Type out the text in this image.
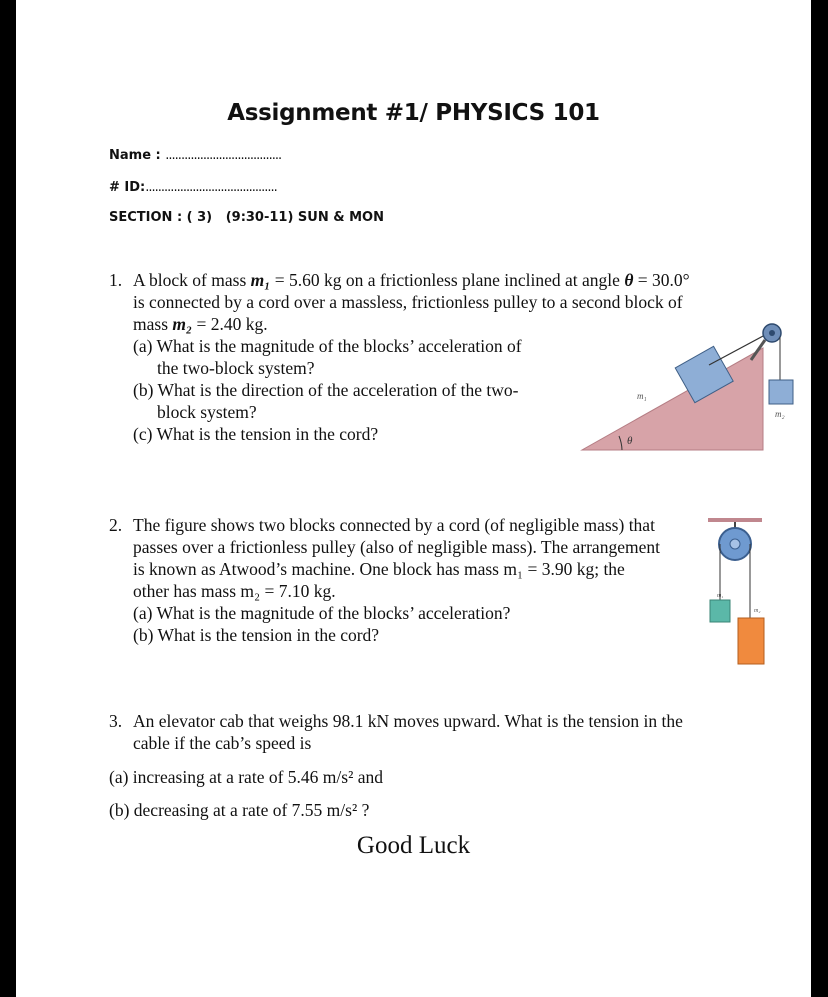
Assignment #1/ PHYSICS 101
Name : .....................................
# ID:..........................................
SECTION : ( 3) (9:30-11) SUN & MON
1. A block of mass m₁ = 5.60 kg on a frictionless plane inclined at angle θ = 30.0°
is connected by a cord over a massless, frictionless pulley to a second block of
mass m₂ = 2.40 kg.
(a) What is the magnitude of the blocks’ acceleration of
the two-block system?
(b) What is the direction of the acceleration of the two-
block system?
(c) What is the tension in the cord?	θ
m₁
m₂
2. The figure shows two blocks connected by a cord (of negligible mass) that
passes over a frictionless pulley (also of negligible mass). The arrangement
is known as Atwood’s machine. One block has mass m₁ = 3.90 kg; the
other has mass m₂ = 7.10 kg.
(a) What is the magnitude of the blocks’ acceleration?
(b) What is the tension in the cord?
m₁
m₂
3. An elevator cab that weighs 98.1 kN moves upward. What is the tension in the
cable if the cab’s speed is
(a) increasing at a rate of 5.46 m/s² and
(b) decreasing at a rate of 7.55 m/s² ?
Good Luck
